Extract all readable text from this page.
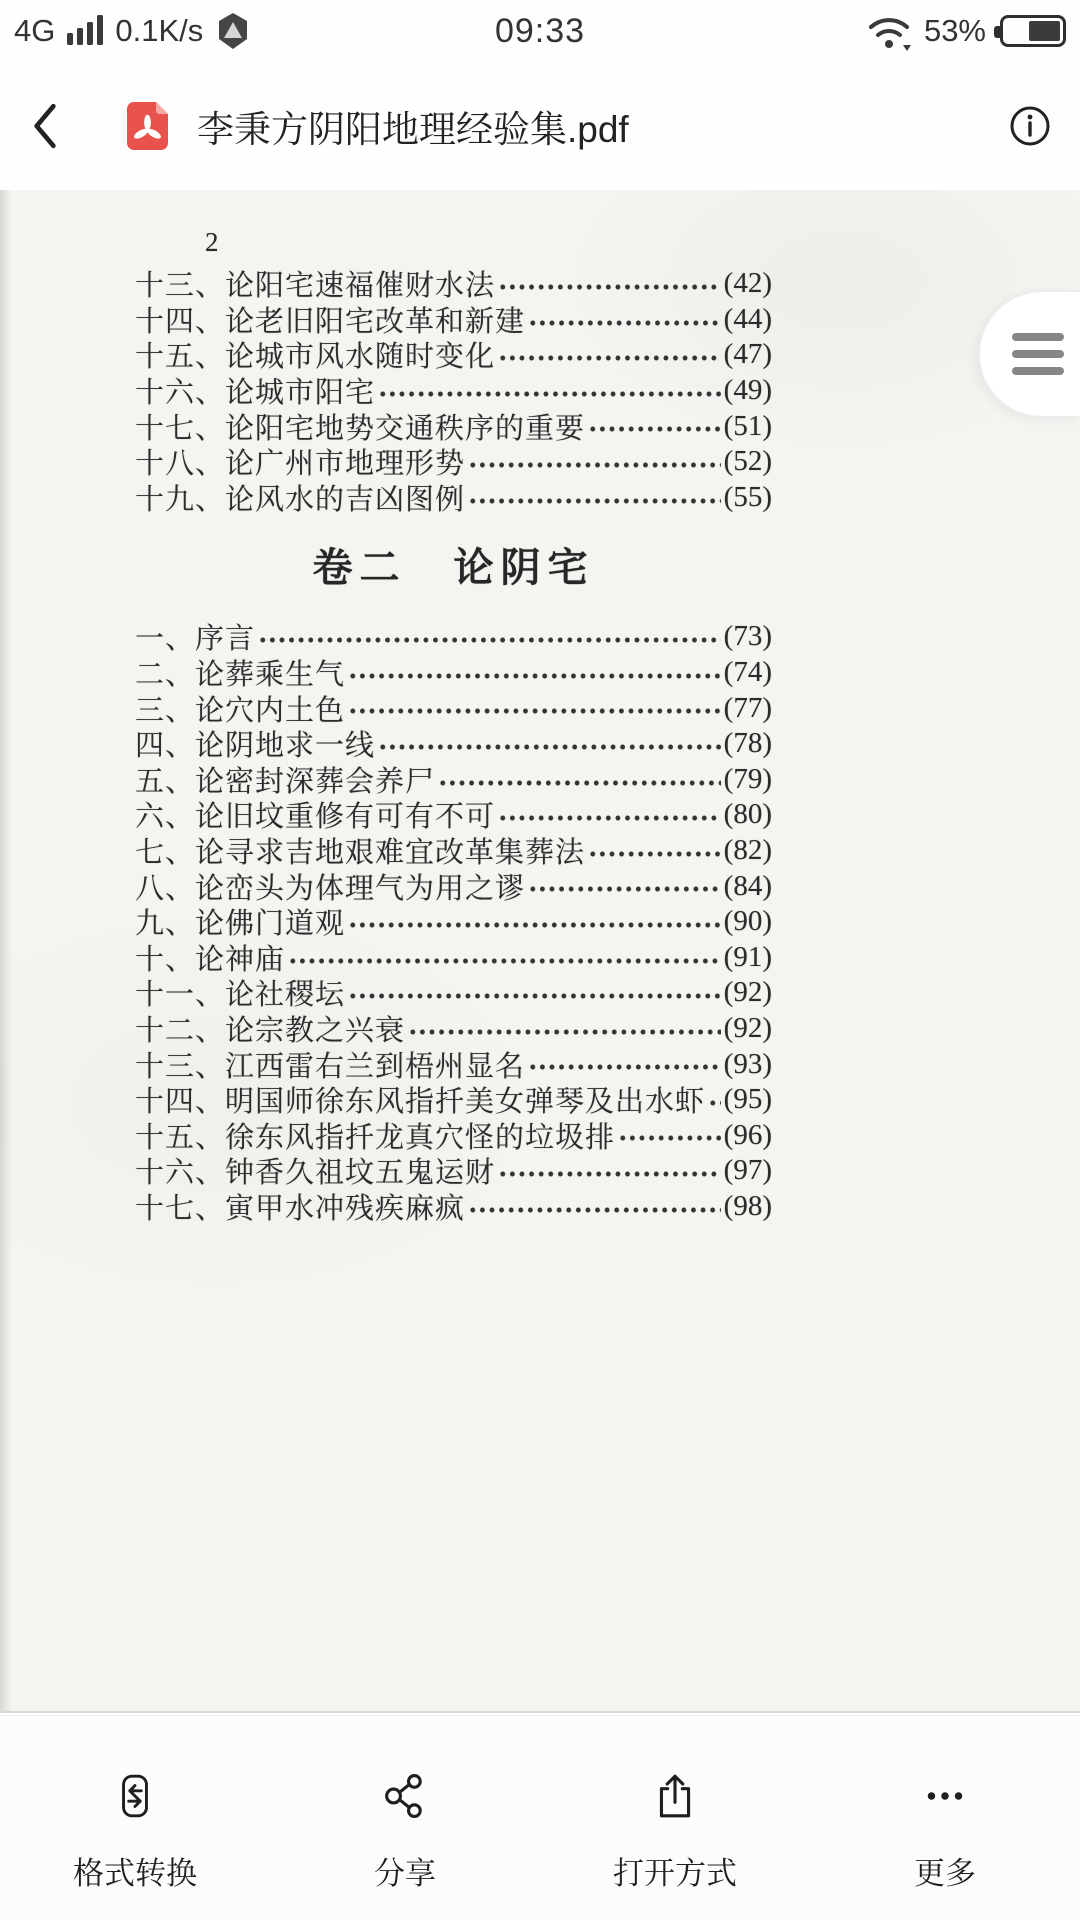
4G 0.1K/s	09:33	53%
李秉方阴阳地理经验集.pdf
2
十三、论阳宅速福催财水法	(42)
十四、论老旧阳宅改革和新建	(44)
十五、论城市风水随时变化	(47)
十六、论城市阳宅	(49)
十七、论阳宅地势交通秩序的重要	(51)
十八、论广州市地理形势	(52)
十九、论风水的吉凶图例	(55)
卷二　论阴宅
一、序言	(73)
二、论葬乘生气	(74)
三、论穴内土色	(77)
四、论阴地求一线	(78)
五、论密封深葬会养尸	(79)
六、论旧坟重修有可有不可	(80)
七、论寻求吉地艰难宜改革集葬法	(82)
八、论峦头为体理气为用之谬	(84)
九、论佛门道观	(90)
十、论神庙	(91)
十一、论社稷坛	(92)
十二、论宗教之兴衰	(92)
十三、江西雷右兰到梧州显名	(93)
十四、明国师徐东风指扦美女弹琴及出水虾 (95)
十五、徐东风指扦龙真穴怪的垃圾排	(96)
十六、钟香久祖坟五鬼运财	(97)
十七、寅甲水冲残疾麻疯	(98)
格式转换	分享	打开方式	更多
